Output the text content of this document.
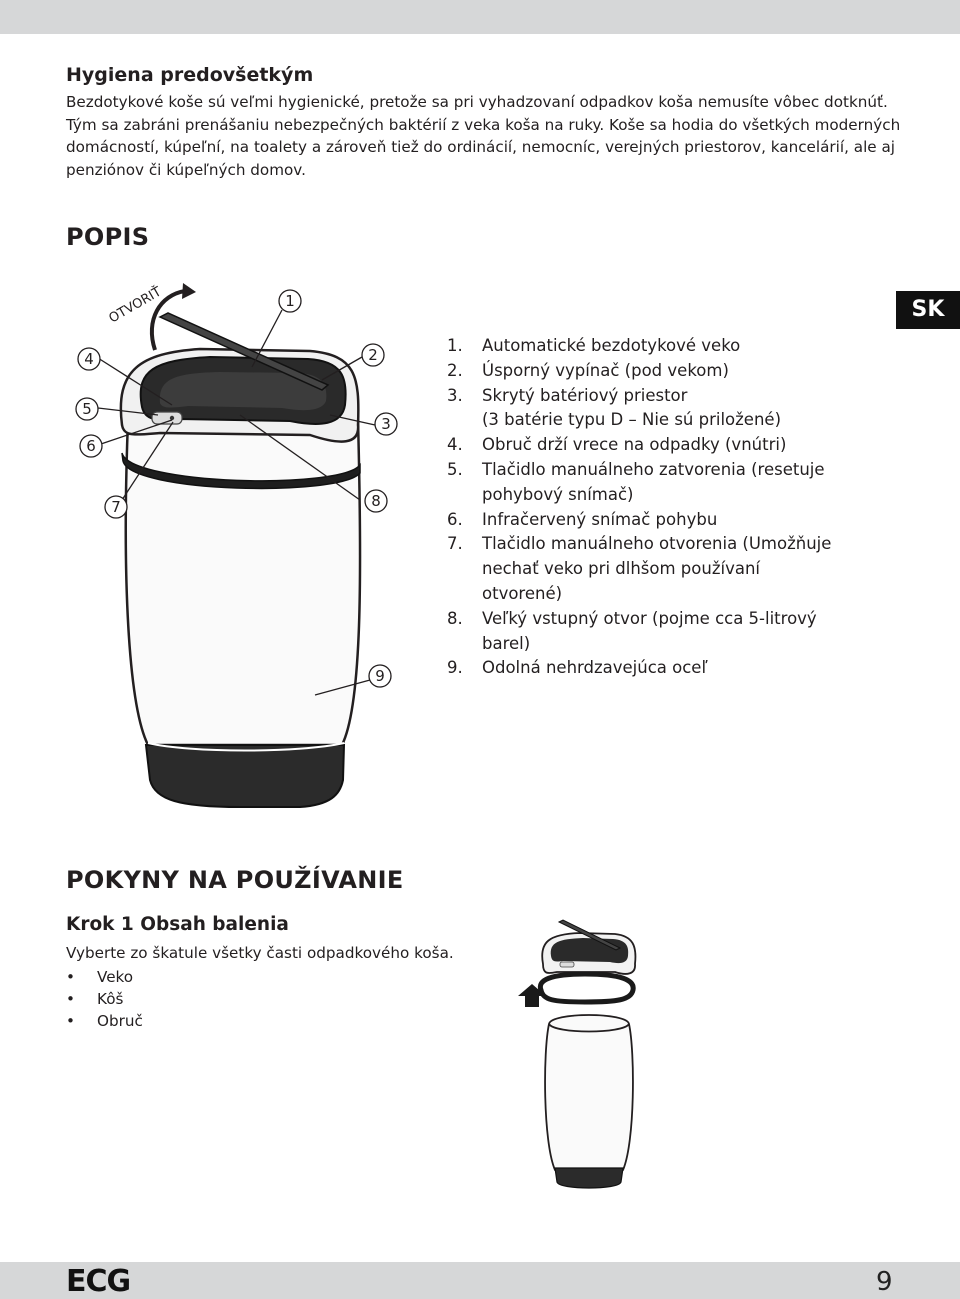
Hygiena predovšetkým

Bezdotykové koše sú veľmi hygienické, pretože sa pri vyhadzovaní odpadkov koša nemusíte vôbec dotknúť.
Tým sa zabráni prenášaniu nebezpečných baktérií z veka koša na ruky. Koše sa hodia do všetkých moderných
domácností, kúpeľní, na toalety a zároveň tiež do ordinácií, nemocníc, verejných priestorov, kancelárií, ale aj
penziónov či kúpeľných domov.

POPIS
SK
OTVORIŤ	1
2
3
4
5
6
7	8
9
1. Automatické bezdotykové veko
2. Úsporný vypínač (pod vekom)
3. Skrytý batériový priestor
(3 batérie typu D – Nie sú priložené)
4. Obruč drží vrece na odpadky (vnútri)
5. Tlačidlo manuálneho zatvorenia (resetuje
pohybový snímač)
6. Infračervený snímač pohybu
7. Tlačidlo manuálneho otvorenia (Umožňuje
nechať veko pri dlhšom používaní
otvorené)
8. Veľký vstupný otvor (pojme cca 5-litrový
barel)
9. Odolná nehrdzavejúca oceľ
POKYNY NA POUŽÍVANIE
Krok 1 Obsah balenia

Vyberte zo škatule všetky časti odpadkového koša.

• Veko
• Kôš
• Obruč
ECG	9
